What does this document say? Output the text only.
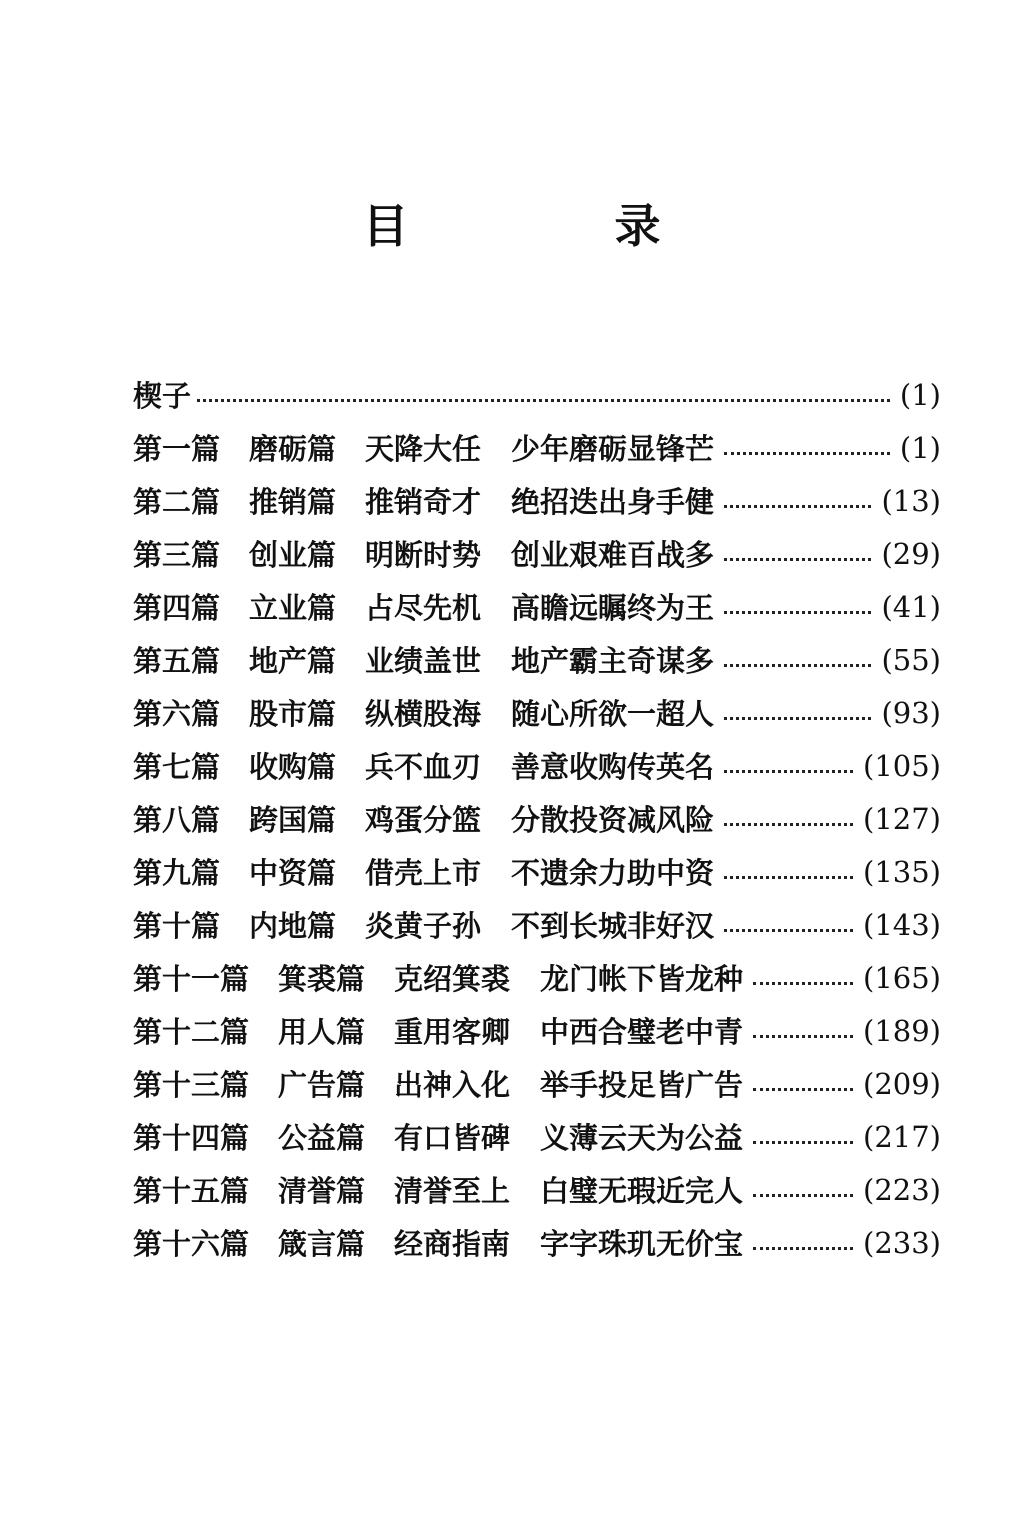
目　录
楔子	(1)
第一篇 磨砺篇 天降大任	少年磨砺显锋芒	(1)
第二篇 推销篇 推销奇才	绝招迭出身手健	(13)
第三篇 创业篇 明断时势	创业艰难百战多	(29)
第四篇 立业篇 占尽先机	高瞻远瞩终为王	(41)
第五篇 地产篇 业绩盖世	地产霸主奇谋多	(55)
第六篇 股市篇 纵横股海	随心所欲一超人	(93)
第七篇 收购篇 兵不血刃	善意收购传英名	(105)
第八篇 跨国篇 鸡蛋分篮	分散投资减风险	(127)
第九篇 中资篇 借壳上市	不遗余力助中资	(135)
第十篇 内地篇 炎黄子孙	不到长城非好汉	(143)
第十一篇 箕裘篇 克绍箕裘	龙门帐下皆龙种	(165)
第十二篇 用人篇 重用客卿	中西合璧老中青	(189)
第十三篇 广告篇 出神入化	举手投足皆广告	(209)
第十四篇 公益篇 有口皆碑	义薄云天为公益	(217)
第十五篇 清誉篇 清誉至上	白璧无瑕近完人	(223)
第十六篇 箴言篇 经商指南	字字珠玑无价宝	(233)
